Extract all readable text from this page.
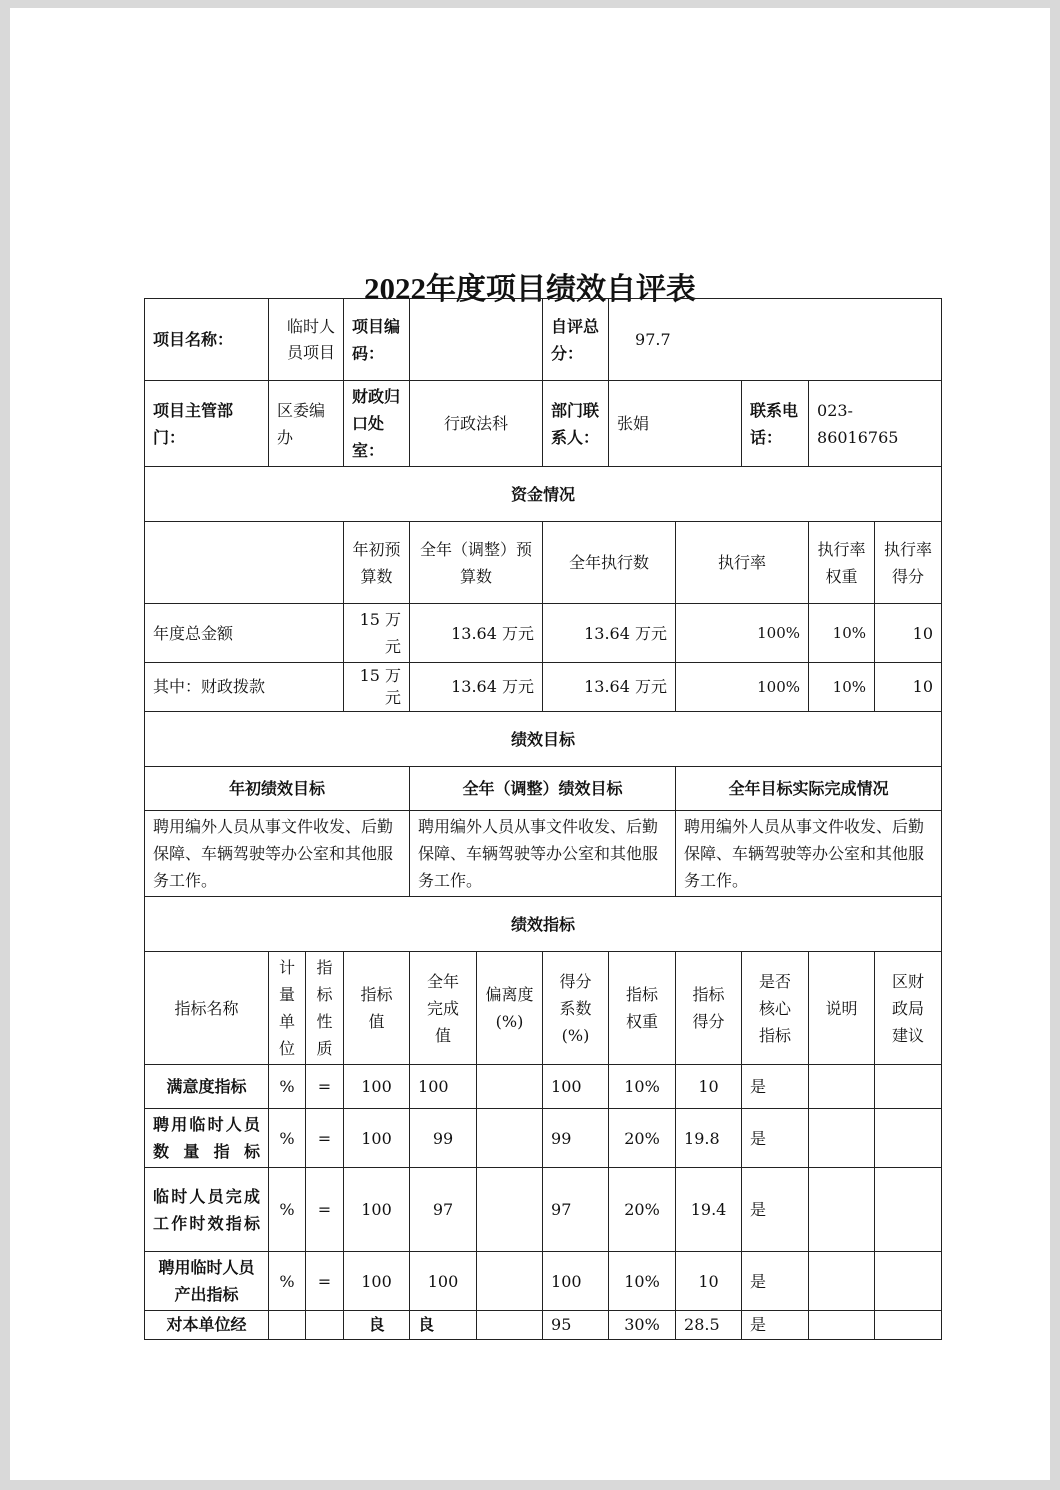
2022年度项目绩效自评表
项目名称：	临时人员项目		项目编码：			自评总分：	97.7				
项目主管部门：	区委编办		财政归口处室：	行政法科		部门联系人：	张娟		联系电话：	023-86016765	
资金情况											
			年初预算数	全年（调整）预算数		全年执行数		执行率		执行率权重	执行率得分
年度总金额			15 万元	13.64 万元		13.64 万元		100%		10%	10
其中：财政拨款			15 万元	13.64 万元		13.64 万元		100%		10%	10
绩效目标											
年初绩效目标				全年（调整）绩效目标				全年目标实际完成情况			
聘用编外人员从事文件收发、后勤保障、车辆驾驶等办公室和其他服务工作。				聘用编外人员从事文件收发、后勤保障、车辆驾驶等办公室和其他服务工作。				聘用编外人员从事文件收发、后勤保障、车辆驾驶等办公室和其他服务工作。			
绩效指标											
指标名称	计量单位	指标性质	指标值	全年完成值	偏离度(%)	得分系数(%)	指标权重	指标得分	是否核心指标	说明	区财政局建议
满意度指标	%	=	100	100		100	10%	10	是		
聘用临时人员数量指标	%	=	100	99		99	20%	19.8	是		
临时人员完成工作时效指标	%	=	100	97		97	20%	19.4	是		
聘用临时人员产出指标	%	=	100	100		100	10%	10	是		
对本单位经			良	良		95	30%	28.5	是		
